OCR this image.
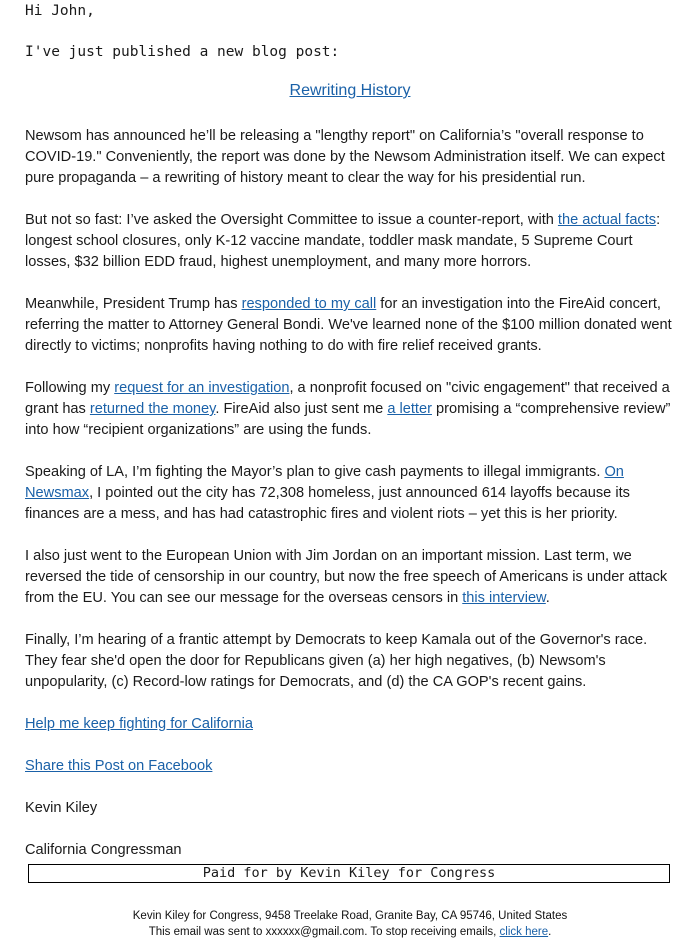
Hi John,
I've just published a new blog post:
Rewriting History

Newsom has announced he’ll be releasing a "lengthy report" on California’s "overall response to COVID-19." Conveniently, the report was done by the Newsom Administration itself. We can expect pure propaganda – a rewriting of history meant to clear the way for his presidential run.

But not so fast: I’ve asked the Oversight Committee to issue a counter-report, with the actual facts: longest school closures, only K-12 vaccine mandate, toddler mask mandate, 5 Supreme Court losses, $32 billion EDD fraud, highest unemployment, and many more horrors.

Meanwhile, President Trump has responded to my call for an investigation into the FireAid concert, referring the matter to Attorney General Bondi. We've learned none of the $100 million donated went directly to victims; nonprofits having nothing to do with fire relief received grants.

Following my request for an investigation, a nonprofit focused on "civic engagement" that received a grant has returned the money. FireAid also just sent me a letter promising a “comprehensive review” into how “recipient organizations” are using the funds.

Speaking of LA, I’m fighting the Mayor’s plan to give cash payments to illegal immigrants. On Newsmax, I pointed out the city has 72,308 homeless, just announced 614 layoffs because its finances are a mess, and has had catastrophic fires and violent riots – yet this is her priority.

I also just went to the European Union with Jim Jordan on an important mission. Last term, we reversed the tide of censorship in our country, but now the free speech of Americans is under attack from the EU. You can see our message for the overseas censors in this interview.

Finally, I’m hearing of a frantic attempt by Democrats to keep Kamala out of the Governor's race. They fear she'd open the door for Republicans given (a) her high negatives, (b) Newsom's unpopularity, (c) Record-low ratings for Democrats, and (d) the CA GOP's recent gains.

Help me keep fighting for California

Share this Post on Facebook

Kevin Kiley

California Congressman

Paid for by Kevin Kiley for Congress
Kevin Kiley for Congress, 9458 Treelake Road, Granite Bay, CA 95746, United States
This email was sent to xxxxxx@gmail.com. To stop receiving emails, click here.
